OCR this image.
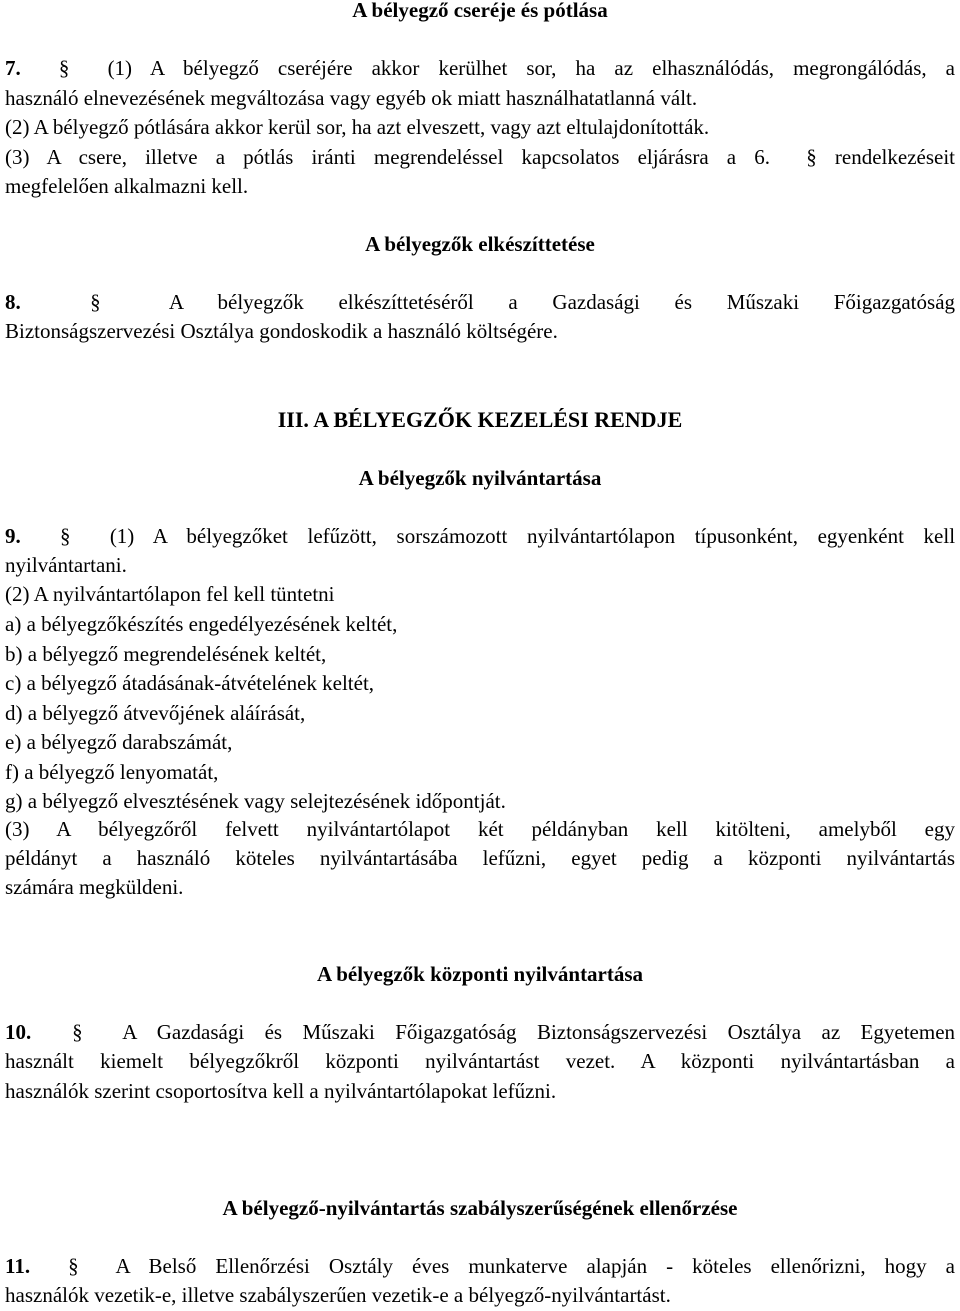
A bélyegző cseréje és pótlása
7. § (1) A bélyegző cseréjére akkor kerülhet sor, ha az elhasználódás, megrongálódás, a
használó elnevezésének megváltozása vagy egyéb ok miatt használhatatlanná vált.
(2) A bélyegző pótlására akkor kerül sor, ha azt elveszett, vagy azt eltulajdonították.
(3) A csere, illetve a pótlás iránti megrendeléssel kapcsolatos eljárásra a 6. § rendelkezéseit
megfelelően alkalmazni kell.
A bélyegzők elkészíttetése
8.	§	A bélyegzők elkészíttetéséről a Gazdasági és Műszaki Főigazgatóság
Biztonságszervezési Osztálya gondoskodik a használó költségére.
III. A BÉLYEGZŐK KEZELÉSI RENDJE
A bélyegzők nyilvántartása
9. § (1) A bélyegzőket lefűzött, sorszámozott nyilvántartólapon típusonként, egyenként kell
nyilvántartani.
(2) A nyilvántartólapon fel kell tüntetni
a) a bélyegzőkészítés engedélyezésének keltét,
b) a bélyegző megrendelésének keltét,
c) a bélyegző átadásának-átvételének keltét,
d) a bélyegző átvevőjének aláírását,
e) a bélyegző darabszámát,
f) a bélyegző lenyomatát,
g) a bélyegző elvesztésének vagy selejtezésének időpontját.
(3) A bélyegzőről felvett nyilvántartólapot két példányban kell kitölteni, amelyből egy
példányt a használó köteles nyilvántartásába lefűzni, egyet pedig a központi nyilvántartás
számára megküldeni.
A bélyegzők központi nyilvántartása
10. § A Gazdasági és Műszaki Főigazgatóság Biztonságszervezési Osztálya az Egyetemen
használt kiemelt bélyegzőkről központi nyilvántartást vezet. A központi nyilvántartásban a
használók szerint csoportosítva kell a nyilvántartólapokat lefűzni.
A bélyegző-nyilvántartás szabályszerűségének ellenőrzése
11. § A Belső Ellenőrzési Osztály éves munkaterve alapján - köteles ellenőrizni, hogy a
használók vezetik-e, illetve szabályszerűen vezetik-e a bélyegző-nyilvántartást.
